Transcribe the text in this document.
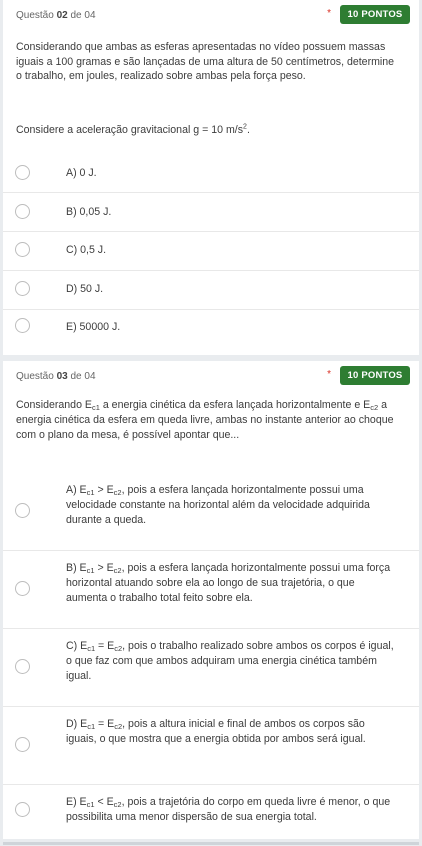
Questão 02 de 04	*	10 PONTOS
Considerando que ambas as esferas apresentadas no vídeo possuem massas iguais a 100 gramas e são lançadas de uma altura de 50 centímetros, determine o trabalho, em joules, realizado sobre ambas pela força peso.
Considere a aceleração gravitacional g = 10 $m/s^2$.
A) 0 J.
B) 0,05 J.
C) 0,5 J.
D) 50 J.
E) 50000 J.
Questão 03 de 04	*	10 PONTOS
Considerando $E_{c1}$ a energia cinética da esfera lançada horizontalmente e $E_{c2}$ a energia cinética da esfera em queda livre, ambas no instante anterior ao choque com o plano da mesa, é possível apontar que...
A) $E_{c1} > E_{c2}$, pois a esfera lançada horizontalmente possui uma velocidade constante na horizontal além da velocidade adquirida durante a queda.
B) $E_{c1} > E_{c2}$, pois a esfera lançada horizontalmente possui uma força horizontal atuando sobre ela ao longo de sua trajetória, o que aumenta o trabalho total feito sobre ela.
C) $E_{c1} = E_{c2}$, pois o trabalho realizado sobre ambos os corpos é igual, o que faz com que ambos adquiram uma energia cinética também igual.
D) $E_{c1} = E_{c2}$, pois a altura inicial e final de ambos os corpos são iguais, o que mostra que a energia obtida por ambos será igual.
E) $E_{c1} < E_{c2}$, pois a trajetória do corpo em queda livre é menor, o que possibilita uma menor dispersão de sua energia total.
